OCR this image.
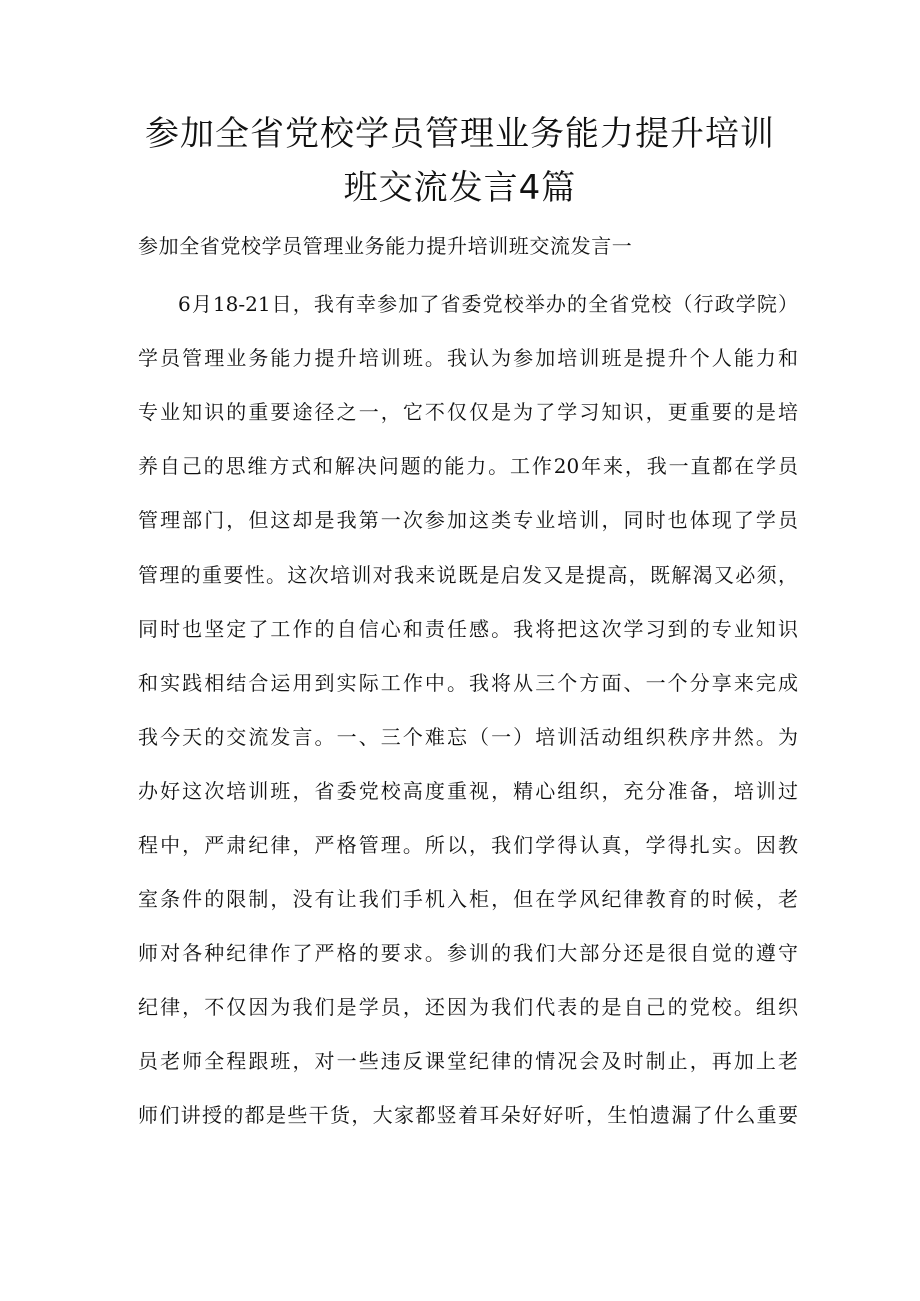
参加全省党校学员管理业务能力提升培训
班交流发言4篇
参加全省党校学员管理业务能力提升培训班交流发言一

6月18-21日，我有幸参加了省委党校举办的全省党校（行政学院）

学员管理业务能力提升培训班。我认为参加培训班是提升个人能力和

专业知识的重要途径之一，它不仅仅是为了学习知识，更重要的是培

养自己的思维方式和解决问题的能力。工作20年来，我一直都在学员

管理部门，但这却是我第一次参加这类专业培训，同时也体现了学员

管理的重要性。这次培训对我来说既是启发又是提高，既解渴又必须，

同时也坚定了工作的自信心和责任感。我将把这次学习到的专业知识

和实践相结合运用到实际工作中。我将从三个方面、一个分享来完成

我今天的交流发言。一、三个难忘（一）培训活动组织秩序井然。为

办好这次培训班，省委党校高度重视，精心组织，充分准备，培训过

程中，严肃纪律，严格管理。所以，我们学得认真，学得扎实。因教

室条件的限制，没有让我们手机入柜，但在学风纪律教育的时候，老

师对各种纪律作了严格的要求。参训的我们大部分还是很自觉的遵守

纪律，不仅因为我们是学员，还因为我们代表的是自己的党校。组织

员老师全程跟班，对一些违反课堂纪律的情况会及时制止，再加上老

师们讲授的都是些干货，大家都竖着耳朵好好听，生怕遗漏了什么重要
